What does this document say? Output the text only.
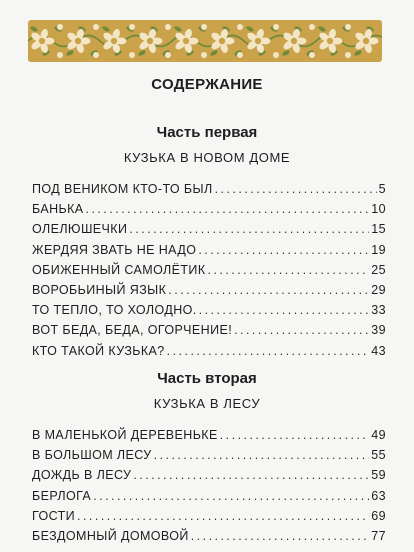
СОДЕРЖАНИЕ
Часть первая
КУЗЬКА В НОВОМ ДОМЕ
ПОД ВЕНИКОМ КТО-ТО БЫЛ . . .	5
БАНЬКА . . .	10
ОЛЕЛЮШЕЧКИ . . .	15
ЖЕРДЯЯ ЗВАТЬ НЕ НАДО . . .	19
ОБИЖЕННЫЙ САМОЛЁТИК . . .	25
ВОРОБЬИНЫЙ ЯЗЫК . . .	29
ТО ТЕПЛО, ТО ХОЛОДНО. . . .	33
ВОТ БЕДА, БЕДА, ОГОРЧЕНИЕ! . . .	39
КТО ТАКОЙ КУЗЬКА? . . .	43
Часть вторая
КУЗЬКА В ЛЕСУ
В МАЛЕНЬКОЙ ДЕРЕВЕНЬКЕ . . .	49
В БОЛЬШОМ ЛЕСУ . . .	55
ДОЖДЬ В ЛЕСУ . . .	59
БЕРЛОГА . . .	63
ГОСТИ . . .	69
БЕЗДОМНЫЙ ДОМОВОЙ . . .	77
